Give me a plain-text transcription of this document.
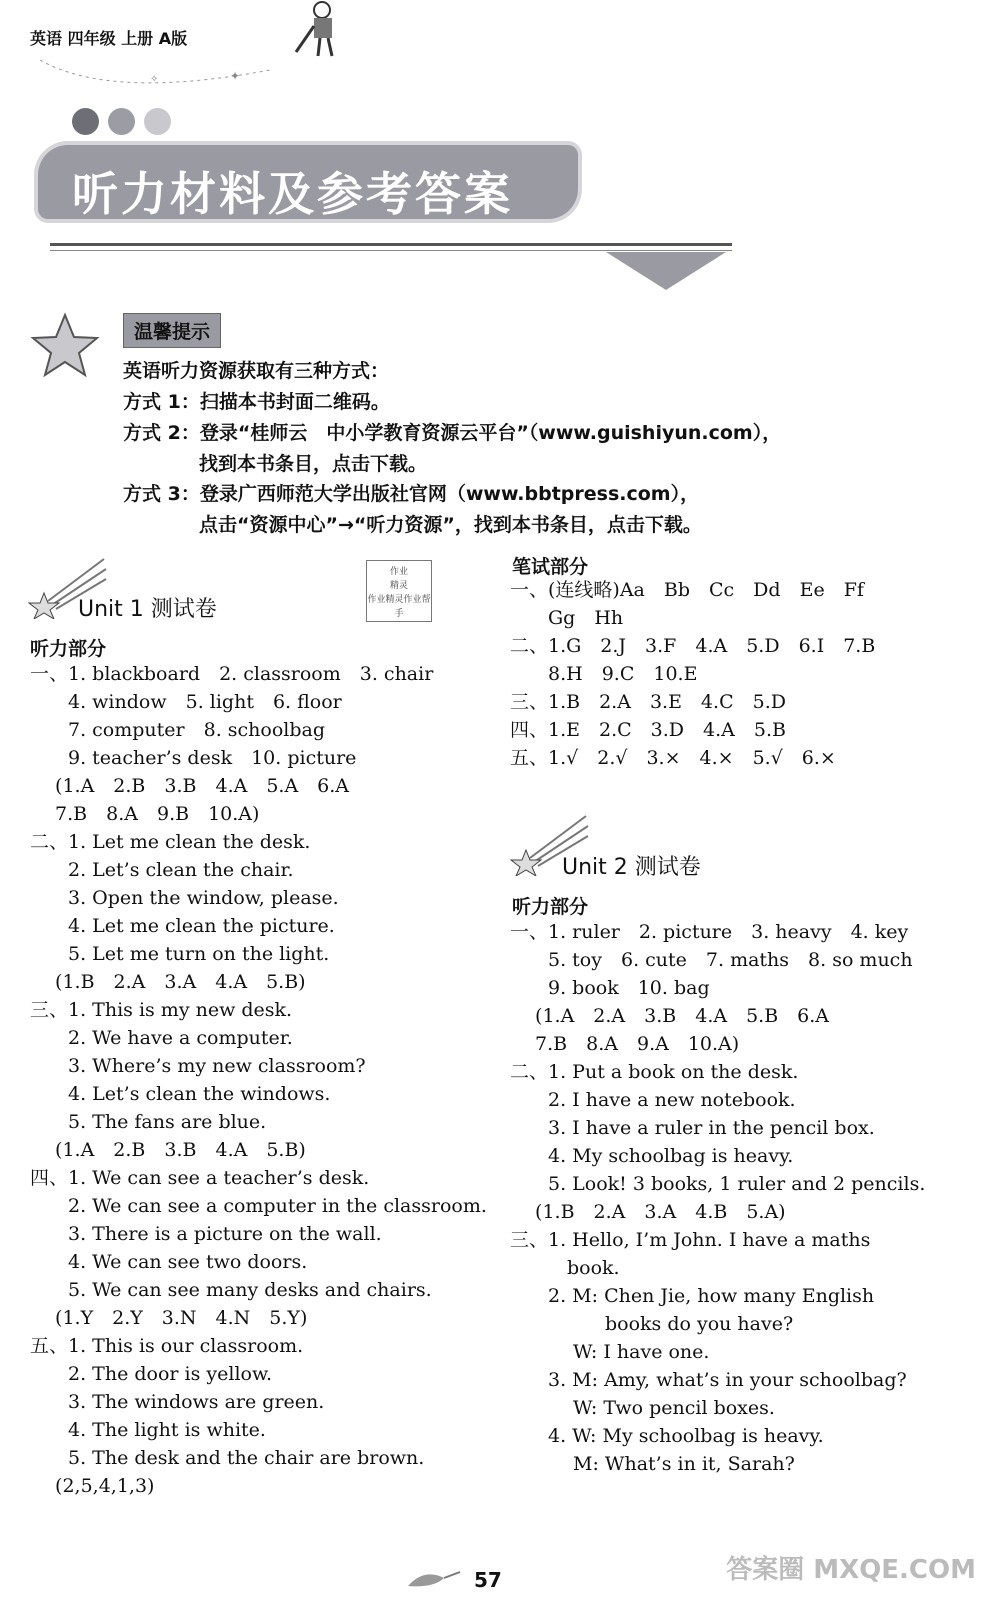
英语 四年级 上册 A版
✦
✧
听力材料及参考答案
温馨提示
英语听力资源获取有三种方式：
方式 1：扫描本书封面二维码。
方式 2：登录“桂师云　中小学教育资源云平台”（www.guishiyun.com），
　　　　找到本书条目，点击下载。
方式 3：登录广西师范大学出版社官网（www.bbtpress.com），
　　　　点击“资源中心”→“听力资源”，找到本书条目，点击下载。
作业
精灵
作业精灵作业帮手
Unit 1 测试卷
听力部分
一、1. blackboard　2. classroom　3. chair
　　4. window　5. light　6. floor
　　7. computer　8. schoolbag
　　9. teacher’s desk　10. picture
　 (1.A　2.B　3.B　4.A　5.A　6.A
　 7.B　8.A　9.B　10.A)
二、1. Let me clean the desk.
　　2. Let’s clean the chair.
　　3. Open the window, please.
　　4. Let me clean the picture.
　　5. Let me turn on the light.
　 (1.B　2.A　3.A　4.A　5.B)
三、1. This is my new desk.
　　2. We have a computer.
　　3. Where’s my new classroom?
　　4. Let’s clean the windows.
　　5. The fans are blue.
　 (1.A　2.B　3.B　4.A　5.B)
四、1. We can see a teacher’s desk.
　　2. We can see a computer in the classroom.
　　3. There is a picture on the wall.
　　4. We can see two doors.
　　5. We can see many desks and chairs.
　 (1.Y　2.Y　3.N　4.N　5.Y)
五、1. This is our classroom.
　　2. The door is yellow.
　　3. The windows are green.
　　4. The light is white.
　　5. The desk and the chair are brown.
　 (2,5,4,1,3)
笔试部分
一、(连线略)Aa　Bb　Cc　Dd　Ee　Ff
　　Gg　Hh
二、1.G　2.J　3.F　4.A　5.D　6.I　7.B
　　8.H　9.C　10.E
三、1.B　2.A　3.E　4.C　5.D
四、1.E　2.C　3.D　4.A　5.B
五、1.√　2.√　3.×　4.×　5.√　6.×
Unit 2 测试卷
听力部分
一、1. ruler　2. picture　3. heavy　4. key
　　5. toy　6. cute　7. maths　8. so much
　　9. book　10. bag
　 (1.A　2.A　3.B　4.A　5.B　6.A
　 7.B　8.A　9.A　10.A)
二、1. Put a book on the desk.
　　2. I have a new notebook.
　　3. I have a ruler in the pencil box.
　　4. My schoolbag is heavy.
　　5. Look! 3 books, 1 ruler and 2 pencils.
　 (1.B　2.A　3.A　4.B　5.A)
三、1. Hello, I’m John. I have a maths
　　　book.
　　2. M: Chen Jie, how many English
　　　　　books do you have?
　　　 W: I have one.
　　3. M: Amy, what’s in your schoolbag?
　　　 W: Two pencil boxes.
　　4. W: My schoolbag is heavy.
　　　 M: What’s in it, Sarah?
57	答案圈 MXQE.COM
